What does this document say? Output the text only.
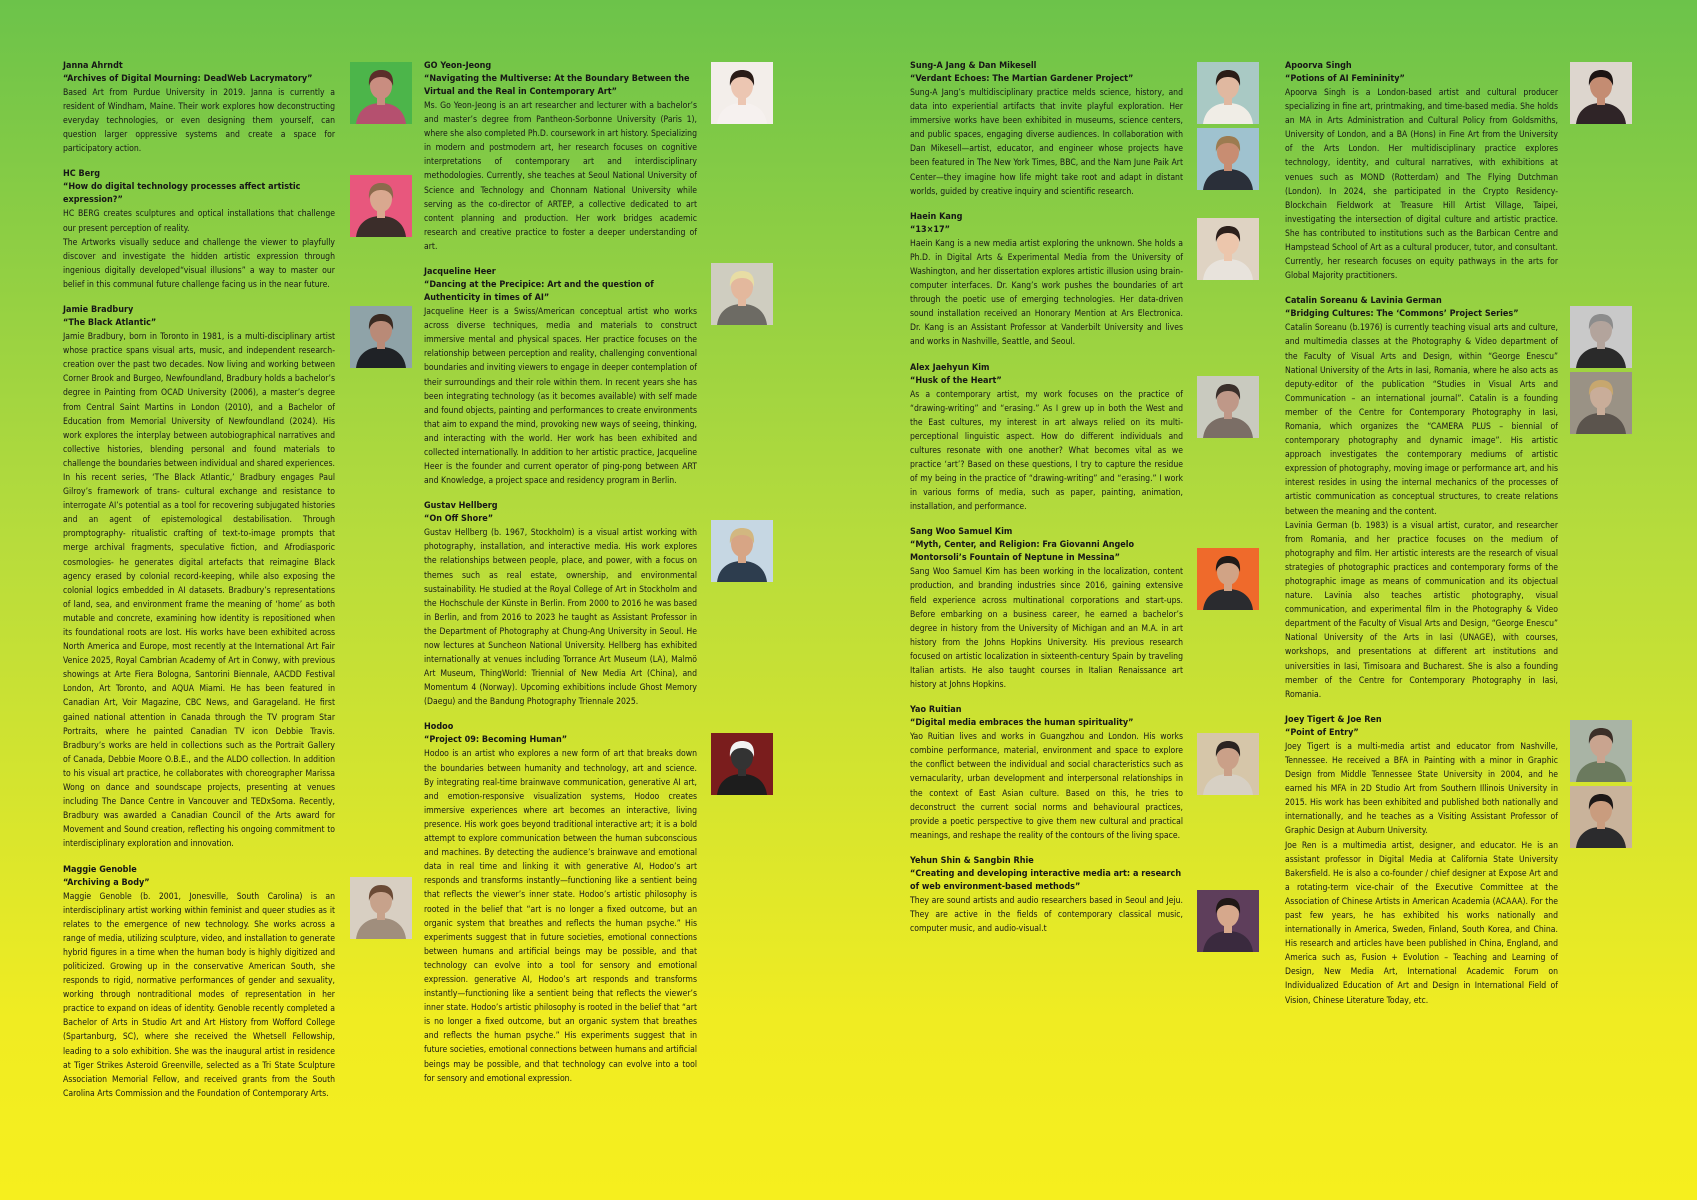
Janna Ahrndt
“Archives of Digital Mourning: DeadWeb Lacrymatory”

Based Art from Purdue University in 2019. Janna is currently a resident of Windham, Maine. Their work explores how deconstructing everyday technologies, or even designing them yourself, can question larger oppressive systems and create a space for participatory action.

HC Berg
“How do digital technology processes affect artistic expression?”

HC BERG creates sculptures and optical installations that challenge our present perception of reality.

The Artworks visually seduce and challenge the viewer to playfully discover and investigate the hidden artistic expression through ingenious digitally developed“visual illusions” a way to master our belief in this communal future challenge facing us in the near future.

Jamie Bradbury
“The Black Atlantic”

Jamie Bradbury, born in Toronto in 1981, is a multi-disciplinary artist whose practice spans visual arts, music, and independent research-creation over the past two decades. Now living and working between Corner Brook and Burgeo, Newfoundland, Bradbury holds a bachelor’s degree in Painting from OCAD University (2006), a master’s degree from Central Saint Martins in London (2010), and a Bachelor of Education from Memorial University of Newfoundland (2024). His work explores the interplay between autobiographical narratives and collective histories, blending personal and found materials to challenge the boundaries between individual and shared experiences. In his recent series, ‘The Black Atlantic,’ Bradbury engages Paul Gilroy’s framework of trans- cultural exchange and resistance to interrogate AI’s potential as a tool for recovering subjugated histories and an agent of epistemological destabilisation. Through promptography- ritualistic crafting of text-to-image prompts that merge archival fragments, speculative fiction, and Afrodiasporic cosmologies- he generates digital artefacts that reimagine Black agency erased by colonial record-keeping, while also exposing the colonial logics embedded in AI datasets. Bradbury’s representations of land, sea, and environment frame the meaning of ‘home’ as both mutable and concrete, examining how identity is repositioned when its foundational roots are lost. His works have been exhibited across North America and Europe, most recently at the International Art Fair Venice 2025, Royal Cambrian Academy of Art in Conwy, with previous showings at Arte Fiera Bologna, Santorini Biennale, AACDD Festival London, Art Toronto, and AQUA Miami. He has been featured in Canadian Art, Voir Magazine, CBC News, and Garageland. He first gained national attention in Canada through the TV program Star Portraits, where he painted Canadian TV icon Debbie Travis. Bradbury’s works are held in collections such as the Portrait Gallery of Canada, Debbie Moore O.B.E., and the ALDO collection. In addition to his visual art practice, he collaborates with choreographer Marissa Wong on dance and soundscape projects, presenting at venues including The Dance Centre in Vancouver and TEDxSoma. Recently, Bradbury was awarded a Canadian Council of the Arts award for Movement and Sound creation, reflecting his ongoing commitment to interdisciplinary exploration and innovation.

Maggie Genoble
“Archiving a Body”

Maggie Genoble (b. 2001, Jonesville, South Carolina) is an interdisciplinary artist working within feminist and queer studies as it relates to the emergence of new technology. She works across a range of media, utilizing sculpture, video, and installation to generate hybrid figures in a time when the human body is highly digitized and politicized. Growing up in the conservative American South, she responds to rigid, normative performances of gender and sexuality, working through nontraditional modes of representation in her practice to expand on ideas of identity. Genoble recently completed a Bachelor of Arts in Studio Art and Art History from Wofford College (Spartanburg, SC), where she received the Whetsell Fellowship, leading to a solo exhibition. She was the inaugural artist in residence at Tiger Strikes Asteroid Greenville, selected as a Tri State Sculpture Association Memorial Fellow, and received grants from the South Carolina Arts Commission and the Foundation of Contemporary Arts.

GO Yeon-Jeong
“Navigating the Multiverse: At the Boundary Between the Virtual and the Real in Contemporary Art”

Ms. Go Yeon-Jeong is an art researcher and lecturer with a bachelor’s and master’s degree from Pantheon-Sorbonne University (Paris 1), where she also completed Ph.D. coursework in art history. Specializing in modern and postmodern art, her research focuses on cognitive interpretations of contemporary art and interdisciplinary methodologies. Currently, she teaches at Seoul National University of Science and Technology and Chonnam National University while serving as the co-director of ARTEP, a collective dedicated to art content planning and production. Her work bridges academic research and creative practice to foster a deeper understanding of art.

Jacqueline Heer
“Dancing at the Precipice: Art and the question of Authenticity in times of AI”

Jacqueline Heer is a Swiss/American conceptual artist who works across diverse techniques, media and materials to construct immersive mental and physical spaces. Her practice focuses on the relationship between perception and reality, challenging conventional boundaries and inviting viewers to engage in deeper contemplation of their surroundings and their role within them. In recent years she has been integrating technology (as it becomes available) with self made and found objects, painting and performances to create environments that aim to expand the mind, provoking new ways of seeing, thinking, and interacting with the world. Her work has been exhibited and collected internationally. In addition to her artistic practice, Jacqueline Heer is the founder and current operator of ping-pong between ART and Knowledge, a project space and residency program in Berlin.

Gustav Hellberg
“On Off Shore”

Gustav Hellberg (b. 1967, Stockholm) is a visual artist working with photography, installation, and interactive media. His work explores the relationships between people, place, and power, with a focus on themes such as real estate, ownership, and environmental sustainability. He studied at the Royal College of Art in Stockholm and the Hochschule der Künste in Berlin. From 2000 to 2016 he was based in Berlin, and from 2016 to 2023 he taught as Assistant Professor in the Department of Photography at Chung-Ang University in Seoul. He now lectures at Suncheon National University. Hellberg has exhibited internationally at venues including Torrance Art Museum (LA), Malmö Art Museum, ThingWorld: Triennial of New Media Art (China), and Momentum 4 (Norway). Upcoming exhibitions include Ghost Memory (Daegu) and the Bandung Photography Triennale 2025.

Hodoo
“Project 09: Becoming Human”

Hodoo is an artist who explores a new form of art that breaks down the boundaries between humanity and technology, art and science. By integrating real-time brainwave communication, generative AI art, and emotion-responsive visualization systems, Hodoo creates immersive experiences where art becomes an interactive, living presence. His work goes beyond traditional interactive art; it is a bold attempt to explore communication between the human subconscious and machines. By detecting the audience’s brainwave and emotional data in real time and linking it with generative AI, Hodoo’s art responds and transforms instantly—functioning like a sentient being that reflects the viewer’s inner state. Hodoo’s artistic philosophy is rooted in the belief that “art is no longer a fixed outcome, but an organic system that breathes and reflects the human psyche.” His experiments suggest that in future societies, emotional connections between humans and artificial beings may be possible, and that technology can evolve into a tool for sensory and emotional expression. generative AI, Hodoo’s art responds and transforms instantly—functioning like a sentient being that reflects the viewer’s inner state. Hodoo’s artistic philosophy is rooted in the belief that “art is no longer a fixed outcome, but an organic system that breathes and reflects the human psyche.” His experiments suggest that in future societies, emotional connections between humans and artificial beings may be possible, and that technology can evolve into a tool for sensory and emotional expression.

Sung-A Jang & Dan Mikesell
“Verdant Echoes: The Martian Gardener Project”

Sung-A Jang’s multidisciplinary practice melds science, history, and data into experiential artifacts that invite playful exploration. Her immersive works have been exhibited in museums, science centers, and public spaces, engaging diverse audiences. In collaboration with Dan Mikesell—artist, educator, and engineer whose projects have been featured in The New York Times, BBC, and the Nam June Paik Art Center—they imagine how life might take root and adapt in distant worlds, guided by creative inquiry and scientific research.

Haein Kang
“13×17”

Haein Kang is a new media artist exploring the unknown. She holds a Ph.D. in Digital Arts & Experimental Media from the University of Washington, and her dissertation explores artistic illusion using brain-computer interfaces. Dr. Kang’s work pushes the boundaries of art through the poetic use of emerging technologies. Her data-driven sound installation received an Honorary Mention at Ars Electronica. Dr. Kang is an Assistant Professor at Vanderbilt University and lives and works in Nashville, Seattle, and Seoul.

Alex Jaehyun Kim
“Husk of the Heart”

As a contemporary artist, my work focuses on the practice of “drawing-writing” and “erasing.” As I grew up in both the West and the East cultures, my interest in art always relied on its multi-perceptional linguistic aspect. How do different individuals and cultures resonate with one another? What becomes vital as we practice ‘art’? Based on these questions, I try to capture the residue of my being in the practice of “drawing-writing” and “erasing.” I work in various forms of media, such as paper, painting, animation, installation, and performance.

Sang Woo Samuel Kim
“Myth, Center, and Religion: Fra Giovanni Angelo Montorsoli’s Fountain of Neptune in Messina”

Sang Woo Samuel Kim has been working in the localization, content production, and branding industries since 2016, gaining extensive field experience across multinational corporations and start-ups. Before embarking on a business career, he earned a bachelor’s degree in history from the University of Michigan and an M.A. in art history from the Johns Hopkins University. His previous research focused on artistic localization in sixteenth-century Spain by traveling Italian artists. He also taught courses in Italian Renaissance art history at Johns Hopkins.

Yao Ruitian
“Digital media embraces the human spirituality”

Yao Ruitian lives and works in Guangzhou and London. His works combine performance, material, environment and space to explore the conflict between the individual and social characteristics such as vernacularity, urban development and interpersonal relationships in the context of East Asian culture. Based on this, he tries to deconstruct the current social norms and behavioural practices, provide a poetic perspective to give them new cultural and practical meanings, and reshape the reality of the contours of the living space.

Yehun Shin & Sangbin Rhie
“Creating and developing interactive media art: a research of web environment-based methods”

They are sound artists and audio researchers based in Seoul and Jeju. They are active in the fields of contemporary classical music, computer music, and audio-visual.t

Apoorva Singh
“Potions of AI Femininity”

Apoorva Singh is a London-based artist and cultural producer specializing in fine art, printmaking, and time-based media. She holds an MA in Arts Administration and Cultural Policy from Goldsmiths, University of London, and a BA (Hons) in Fine Art from the University of the Arts London. Her multidisciplinary practice explores technology, identity, and cultural narratives, with exhibitions at venues such as MOND (Rotterdam) and The Flying Dutchman (London). In 2024, she participated in the Crypto Residency-Blockchain Fieldwork at Treasure Hill Artist Village, Taipei, investigating the intersection of digital culture and artistic practice. She has contributed to institutions such as the Barbican Centre and Hampstead School of Art as a cultural producer, tutor, and consultant. Currently, her research focuses on equity pathways in the arts for Global Majority practitioners.

Catalin Soreanu & Lavinia German
“Bridging Cultures: The ‘Commons’ Project Series”

Catalin Soreanu (b.1976) is currently teaching visual arts and culture, and multimedia classes at the Photography & Video department of the Faculty of Visual Arts and Design, within “George Enescu” National University of the Arts in Iasi, Romania, where he also acts as deputy-editor of the publication “Studies in Visual Arts and Communication – an international journal”. Catalin is a founding member of the Centre for Contemporary Photography in Iasi, Romania, which organizes the “CAMERA PLUS – biennial of contemporary photography and dynamic image”. His artistic approach investigates the contemporary mediums of artistic expression of photography, moving image or performance art, and his interest resides in using the internal mechanics of the processes of artistic communication as conceptual structures, to create relations between the meaning and the content.

Lavinia German (b. 1983) is a visual artist, curator, and researcher from Romania, and her practice focuses on the medium of photography and film. Her artistic interests are the research of visual strategies of photographic practices and contemporary forms of the photographic image as means of communication and its objectual nature. Lavinia also teaches artistic photography, visual communication, and experimental film in the Photography & Video department of the Faculty of Visual Arts and Design, “George Enescu” National University of the Arts in Iasi (UNAGE), with courses, workshops, and presentations at different art institutions and universities in Iasi, Timisoara and Bucharest. She is also a founding member of the Centre for Contemporary Photography in Iasi, Romania.

Joey Tigert & Joe Ren
“Point of Entry”

Joey Tigert is a multi-media artist and educator from Nashville, Tennessee. He received a BFA in Painting with a minor in Graphic Design from Middle Tennessee State University in 2004, and he earned his MFA in 2D Studio Art from Southern Illinois University in 2015. His work has been exhibited and published both nationally and internationally, and he teaches as a Visiting Assistant Professor of Graphic Design at Auburn University.

Joe Ren is a multimedia artist, designer, and educator. He is an assistant professor in Digital Media at California State University Bakersfield. He is also a co-founder / chief designer at Expose Art and a rotating-term vice-chair of the Executive Committee at the Association of Chinese Artists in American Academia (ACAAA). For the past few years, he has exhibited his works nationally and internationally in America, Sweden, Finland, South Korea, and China. His research and articles have been published in China, England, and America such as, Fusion + Evolution – Teaching and Learning of Design, New Media Art, International Academic Forum on Individualized Education of Art and Design in International Field of Vision, Chinese Literature Today, etc.
